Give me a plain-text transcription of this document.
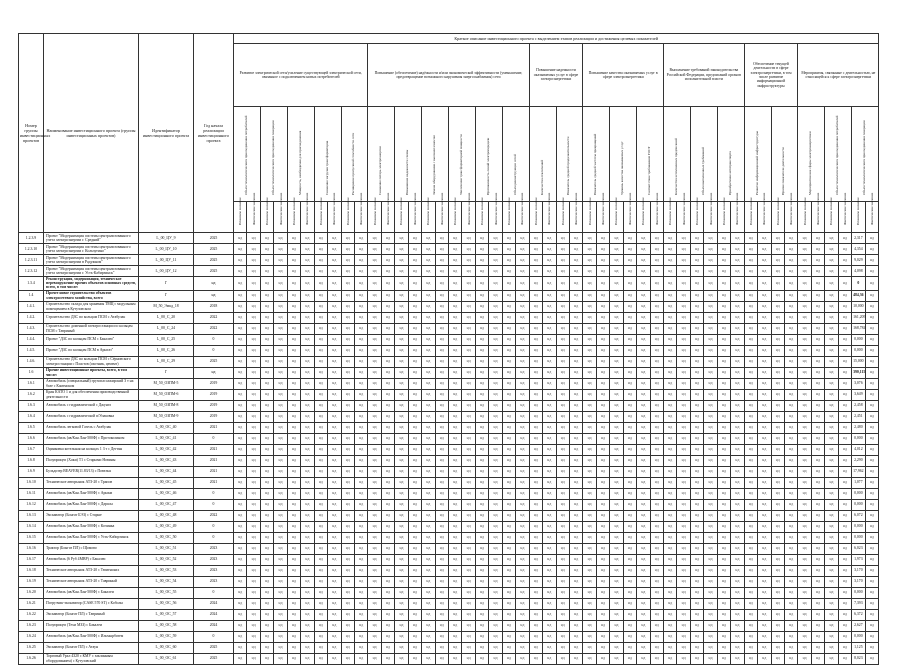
Номер группы инвестиционных проектов	Наименование инвестиционного проекта (группы инвестиционных проектов)	Идентификатор инвестиционного проекта	Год начала реализации инвестиционного проекта	Краткое описание инвестиционного проекта с выделением этапов реализации и достижения целевых показателей																																															
				Развитие электрической сети/усиление существующей электрической сети, связанное с подключением новых потребителей										Повышение (обеспечение) надёжности и/или экономической эффективности (уменьшение, предотвращение возможного нарушения энергоснабжения) сети												Повышение надежности оказываемых услуг в сфере электроэнергетики				Повышение качества оказываемых услуг в сфере электроэнергетики						Выполнение требований законодательства Российской Федерации, предписаний органов исполнительной власти						Обеспечение текущей деятельности в сфере электроэнергетики, в том числе развитие информационной инфраструктуры				Мероприятия, связанные с деятельностью, не относящейся к сфере электроэнергетики					

				Объем технологического присоединения потребителей		Объем технологического присоединения генерации		Мощность, необходимая для присоединения		Снижение загрузки трансформаторов		Расширение пропускной способности сети		Снижение потерь электроэнергии		Повышение надежности схемы		Замена оборудования с высоким износом		Увеличение трансформаторной мощности		Протяженность линий электропередачи		Объем реконструкции сетей		Количество отключений		Показатель средней продолжительности		Показатель средней частоты прекращений		Уровень качества оказываемых услуг		Соответствие требованиям ГОСТ		Количество исполненных предписаний		Объем выполненных требований		Приобретение автотранспорта		Развитие информационной инфраструктуры		Прочие показатели деятельности		Мероприятия вне сферы электроэнергетики		Объем технологического присоединения потребителей		Объем технологического присоединения генерации	

				Плановое значение	Фактическое значение	Плановое значение	Фактическое значение	Плановое значение	Фактическое значение	Плановое значение	Фактическое значение	Плановое значение	Фактическое значение	Плановое значение	Фактическое значение	Плановое значение	Фактическое значение	Плановое значение	Фактическое значение	Плановое значение	Фактическое значение	Плановое значение	Фактическое значение	Плановое значение	Фактическое значение	Плановое значение	Фактическое значение	Плановое значение	Фактическое значение	Плановое значение	Фактическое значение	Плановое значение	Фактическое значение	Плановое значение	Фактическое значение	Плановое значение	Фактическое значение	Плановое значение	Фактическое значение	Плановое значение	Фактическое значение	Плановое значение	Фактическое значение	Плановое значение	Фактическое значение	Плановое значение	Фактическое значение	Плановое значение	Фактическое значение	Плановое значение	Фактическое значение

1.2.3.9	Проект "Модернизация системы централизованного учета электроэнергии г. Средний"	L_00_ЦУ_9	2025	нд	нд	нд	нд	нд	нд	нд	нд	нд	нд	нд	нд	нд	нд	нд	нд	нд	нд	нд	нд	нд	нд	нд	нд	нд	нд	нд	нд	нд	нд	нд	нд	нд	нд	нд	нд	нд	нд	нд	нд	нд	нд	нд	нд	нд	нд	2,317	нд
1.2.3.10	Проект "Модернизация системы централизованного учета электроэнергии г. Кольчугино"	L_00_ЦУ_10	2025	нд	нд	нд	нд	нд	нд	нд	нд	нд	нд	нд	нд	нд	нд	нд	нд	нд	нд	нд	нд	нд	нд	нд	нд	нд	нд	нд	нд	нд	нд	нд	нд	нд	нд	нд	нд	нд	нд	нд	нд	нд	нд	нд	нд	нд	нд	4,354	нд
1.2.3.11	Проект "Модернизация системы централизованного учета электроэнергии в Радужном"	L_00_ЦУ_11	2025	нд	нд	нд	нд	нд	нд	нд	нд	нд	нд	нд	нд	нд	нд	нд	нд	нд	нд	нд	нд	нд	нд	нд	нд	нд	нд	нд	нд	нд	нд	нд	нд	нд	нд	нд	нд	нд	нд	нд	нд	нд	нд	нд	нд	нд	нд	9,029	нд
1.2.3.12	Проект "Модернизация системы централизованного учета электроэнергии г. Усть-Кабирзинск"	L_00_ЦУ_12	2025	нд	нд	нд	нд	нд	нд	нд	нд	нд	нд	нд	нд	нд	нд	нд	нд	нд	нд	нд	нд	нд	нд	нд	нд	нд	нд	нд	нд	нд	нд	нд	нд	нд	нд	нд	нд	нд	нд	нд	нд	нд	нд	нд	нд	нд	нд	4,098	нд
1.3.4	Реконструкция, модернизация, техническое перевооружение прочих объектов основных средств, всего, в том числе:	Г	нд	нд	нд	нд	нд	нд	нд	нд	нд	нд	нд	нд	нд	нд	нд	нд	нд	нд	нд	нд	нд	нд	нд	нд	нд	нд	нд	нд	нд	нд	нд	нд	нд	нд	нд	нд	нд	нд	нд	нд	нд	нд	нд	нд	нд	нд	нд	0	нд
1.4	Прочее новое строительство объектов электросетевого хозяйства, всего	Г	нд	нд	нд	нд	нд	нд	нд	нд	нд	нд	нд	нд	нд	нд	нд	нд	нд	нд	нд	нд	нд	нд	нд	нд	нд	нд	нд	нд	нд	нд	нд	нд	нд	нд	нд	нд	нд	нд	нд	нд	нд	нд	нд	нд	нд	нд	нд	484,36	нд
1.4.1.	Строительство склада для хранения ТМЦ с модульным помещением в Кутузовском	M_50_Эмкд_18	2018	нд	нд	нд	нд	нд	нд	нд	нд	нд	нд	нд	нд	нд	нд	нд	нд	нд	нд	нд	нд	нд	нд	нд	нд	нд	нд	нд	нд	нд	нд	нд	нд	нд	нд	нд	нд	нд	нд	нд	нд	нд	нд	нд	нд	нд	нд	10,000	нд
1.4.2.	Строительство ДЗС по кольцам ПСМ с Атабулак	L_00_С_20	2022	нд	нд	нд	нд	нд	нд	нд	нд	нд	нд	нд	нд	нд	нд	нд	нд	нд	нд	нд	нд	нд	нд	нд	нд	нд	нд	нд	нд	нд	нд	нд	нд	нд	нд	нд	нд	нд	нд	нд	нд	нд	нд	нд	нд	нд	нд	161,209	нд
1.4.3.	Строительство доменной электростанции по кольцам ПСМ с Тавриный	L_00_С_24	2022	нд	нд	нд	нд	нд	нд	нд	нд	нд	нд	нд	нд	нд	нд	нд	нд	нд	нд	нд	нд	нд	нд	нд	нд	нд	нд	нд	нд	нд	нд	нд	нд	нд	нд	нд	нд	нд	нд	нд	нд	нд	нд	нд	нд	нд	нд	168,784	нд
1.4.4.	Проект "ДЗС по кольцам ПСМ с Бакалеи"	L_00_С_25	0	нд	нд	нд	нд	нд	нд	нд	нд	нд	нд	нд	нд	нд	нд	нд	нд	нд	нд	нд	нд	нд	нд	нд	нд	нд	нд	нд	нд	нд	нд	нд	нд	нд	нд	нд	нд	нд	нд	нд	нд	нд	нд	нд	нд	нд	нд	0,000	нд
1.4.5.	Проект "ДЗС по кольцам ПСМ в Арыгаз"	L_00_С_26	0	нд	нд	нд	нд	нд	нд	нд	нд	нд	нд	нд	нд	нд	нд	нд	нд	нд	нд	нд	нд	нд	нд	нд	нд	нд	нд	нд	нд	нд	нд	нд	нд	нд	нд	нд	нд	нд	нд	нд	нд	нд	нд	нд	нд	нд	нд	0,000	нд
1.4.6.	Строительство ДЗС по кольцам ПСМ с Сёрновского электростанции с Пластов (охотник, цемент)	L_00_С_29	2025	нд	нд	нд	нд	нд	нд	нд	нд	нд	нд	нд	нд	нд	нд	нд	нд	нд	нд	нд	нд	нд	нд	нд	нд	нд	нд	нд	нд	нд	нд	нд	нд	нд	нд	нд	нд	нд	нд	нд	нд	нд	нд	нд	нд	нд	нд	15,000	нд
1.6	Прочие инвестиционные проекты, всего, в том числе:	Г	нд	нд	нд	нд	нд	нд	нд	нд	нд	нд	нд	нд	нд	нд	нд	нд	нд	нд	нд	нд	нд	нд	нд	нд	нд	нд	нд	нд	нд	нд	нд	нд	нд	нд	нд	нд	нд	нд	нд	нд	нд	нд	нд	нд	нд	нд	нд	390,115	нд
1.6.1	Автомобиль (специальный) грузопассажирский 3 т на базе с Каменском	M_50_ОЗПМ-5	2019	нд	нд	нд	нд	нд	нд	нд	нд	нд	нд	нд	нд	нд	нд	нд	нд	нд	нд	нд	нд	нд	нд	нд	нд	нд	нд	нд	нд	нд	нд	нд	нд	нд	нд	нд	нд	нд	нд	нд	нд	нд	нд	нд	нд	нд	нд	3,076	нд
1.6.2	Кран КАТО 1 и для обеспечения производственной деятельности	M_50_ОЗПМ-6	2019	нд	нд	нд	нд	нд	нд	нд	нд	нд	нд	нд	нд	нд	нд	нд	нд	нд	нд	нд	нд	нд	нд	нд	нд	нд	нд	нд	нд	нд	нд	нд	нд	нд	нд	нд	нд	нд	нд	нд	нд	нд	нд	нд	нд	нд	нд	3,649	нд
1.6.3	Автомобиль с гидравлической с Джунгл	M_50_ОЗПМ-8	2019	нд	нд	нд	нд	нд	нд	нд	нд	нд	нд	нд	нд	нд	нд	нд	нд	нд	нд	нд	нд	нд	нд	нд	нд	нд	нд	нд	нд	нд	нд	нд	нд	нд	нд	нд	нд	нд	нд	нд	нд	нд	нд	нд	нд	нд	нд	2,458	нд
1.6.4	Автомобиль с гидравлической п/Упаковка	M_50_ОЗПМ-9	2019	нд	нд	нд	нд	нд	нд	нд	нд	нд	нд	нд	нд	нд	нд	нд	нд	нд	нд	нд	нд	нд	нд	нд	нд	нд	нд	нд	нд	нд	нд	нд	нд	нд	нд	нд	нд	нд	нд	нд	нд	нд	нд	нд	нд	нд	нд	2,451	нд
1.6.5	Автомобиль легковой Газель с Атабулак	L_00_ОС_40	2021	нд	нд	нд	нд	нд	нд	нд	нд	нд	нд	нд	нд	нд	нд	нд	нд	нд	нд	нд	нд	нд	нд	нд	нд	нд	нд	нд	нд	нд	нд	нд	нд	нд	нд	нд	нд	нд	нд	нд	нд	нд	нд	нд	нд	нд	нд	2,480	нд
1.6.6	Автомобиль (ав/Кан Лан-500Ф) с Протоколином	L_00_ОС_41	0	нд	нд	нд	нд	нд	нд	нд	нд	нд	нд	нд	нд	нд	нд	нд	нд	нд	нд	нд	нд	нд	нд	нд	нд	нд	нд	нд	нд	нд	нд	нд	нд	нд	нд	нд	нд	нд	нд	нд	нд	нд	нд	нд	нд	нд	нд	0,000	нд
1.6.7	Оцинковка котельная на кольцах 1 3 т с Дегтян	L_00_ОС_42	2021	нд	нд	нд	нд	нд	нд	нд	нд	нд	нд	нд	нд	нд	нд	нд	нд	нд	нд	нд	нд	нд	нд	нд	нд	нд	нд	нд	нд	нд	нд	нд	нд	нд	нд	нд	нд	нд	нд	нд	нд	нд	нд	нд	нд	нд	нд	4,012	нд
1.6.8	Полуприцеп (Хаки) Т1 с Старыми Новины	L_00_ОС_43	2021	нд	нд	нд	нд	нд	нд	нд	нд	нд	нд	нд	нд	нд	нд	нд	нд	нд	нд	нд	нд	нд	нд	нд	нд	нд	нд	нд	нд	нд	нд	нд	нд	нд	нд	нд	нд	нд	нд	нд	нд	нд	нд	нд	нд	нд	нд	2,290	нд
1.6.9	Бульдозер BEAVER(11.83/13) с Повелья	L_00_ОС_44	2021	нд	нд	нд	нд	нд	нд	нд	нд	нд	нд	нд	нд	нд	нд	нд	нд	нд	нд	нд	нд	нд	нд	нд	нд	нд	нд	нд	нд	нд	нд	нд	нд	нд	нд	нд	нд	нд	нд	нд	нд	нд	нд	нд	нд	нд	нд	17,962	нд
1.6.10	Техническое авторынок АТЗ-20 с Трапов	L_00_ОС_45	2021	нд	нд	нд	нд	нд	нд	нд	нд	нд	нд	нд	нд	нд	нд	нд	нд	нд	нд	нд	нд	нд	нд	нд	нд	нд	нд	нд	нд	нд	нд	нд	нд	нд	нд	нд	нд	нд	нд	нд	нд	нд	нд	нд	нд	нд	нд	1,077	нд
1.6.11	Автомобиль (ав/Кан Лан-500Ф) с Арыкм	L_00_ОС_46	0	нд	нд	нд	нд	нд	нд	нд	нд	нд	нд	нд	нд	нд	нд	нд	нд	нд	нд	нд	нд	нд	нд	нд	нд	нд	нд	нд	нд	нд	нд	нд	нд	нд	нд	нд	нд	нд	нд	нд	нд	нд	нд	нд	нд	нд	нд	0,000	нд
1.6.12	Автомобиль (ав/Кан Лан-500Ф) с Дарасы	L_00_ОС_47	0	нд	нд	нд	нд	нд	нд	нд	нд	нд	нд	нд	нд	нд	нд	нд	нд	нд	нд	нд	нд	нд	нд	нд	нд	нд	нд	нд	нд	нд	нд	нд	нд	нд	нд	нд	нд	нд	нд	нд	нд	нд	нд	нд	нд	нд	нд	0,000	нд
1.6.13	Экскаватор (Бонгат БЭЗ) с Старые	L_00_ОС_48	2022	нд	нд	нд	нд	нд	нд	нд	нд	нд	нд	нд	нд	нд	нд	нд	нд	нд	нд	нд	нд	нд	нд	нд	нд	нд	нд	нд	нд	нд	нд	нд	нд	нд	нд	нд	нд	нд	нд	нд	нд	нд	нд	нд	нд	нд	нд	6,072	нд
1.6.14	Автомобиль (ав/Кан Лан-500Ф) с Кочинка	L_00_ОС_49	0	нд	нд	нд	нд	нд	нд	нд	нд	нд	нд	нд	нд	нд	нд	нд	нд	нд	нд	нд	нд	нд	нд	нд	нд	нд	нд	нд	нд	нд	нд	нд	нд	нд	нд	нд	нд	нд	нд	нд	нд	нд	нд	нд	нд	нд	нд	0,000	нд
1.6.15	Автомобиль (ав/Кан Лан-500Ф) с Усть-Кабирзинск	L_00_ОС_50	0	нд	нд	нд	нд	нд	нд	нд	нд	нд	нд	нд	нд	нд	нд	нд	нд	нд	нд	нд	нд	нд	нд	нд	нд	нд	нд	нд	нд	нд	нд	нд	нд	нд	нд	нд	нд	нд	нд	нд	нд	нд	нд	нд	нд	нд	нд	0,000	нд
1.6.16	Трактор (Бонгат ПЛ) с Щомово	L_00_ОС_51	2023	нд	нд	нд	нд	нд	нд	нд	нд	нд	нд	нд	нд	нд	нд	нд	нд	нд	нд	нд	нд	нд	нд	нд	нд	нд	нд	нд	нд	нд	нд	нд	нд	нд	нд	нд	нд	нд	нд	нд	нд	нд	нд	нд	нд	нд	нд	6,023	нд
1.6.17	Автомобиль (6 Руб 4МВР) с Бакалеи	L_00_ОС_52	2023	нд	нд	нд	нд	нд	нд	нд	нд	нд	нд	нд	нд	нд	нд	нд	нд	нд	нд	нд	нд	нд	нд	нд	нд	нд	нд	нд	нд	нд	нд	нд	нд	нд	нд	нд	нд	нд	нд	нд	нд	нд	нд	нд	нд	нд	нд	1,973	нд
1.6.18	Техническое авторынок АТЗ-20 с Тюменских	L_00_ОС_53	2023	нд	нд	нд	нд	нд	нд	нд	нд	нд	нд	нд	нд	нд	нд	нд	нд	нд	нд	нд	нд	нд	нд	нд	нд	нд	нд	нд	нд	нд	нд	нд	нд	нд	нд	нд	нд	нд	нд	нд	нд	нд	нд	нд	нд	нд	нд	3,170	нд
1.6.19	Техническое авторынок АТЗ-20 с Тавриный	L_00_ОС_54	2023	нд	нд	нд	нд	нд	нд	нд	нд	нд	нд	нд	нд	нд	нд	нд	нд	нд	нд	нд	нд	нд	нд	нд	нд	нд	нд	нд	нд	нд	нд	нд	нд	нд	нд	нд	нд	нд	нд	нд	нд	нд	нд	нд	нд	нд	нд	3,170	нд
1.6.20	Автомобиль (ав/Кан Лан-500Ф) с Бакалеи	L_00_ОС_55	0	нд	нд	нд	нд	нд	нд	нд	нд	нд	нд	нд	нд	нд	нд	нд	нд	нд	нд	нд	нд	нд	нд	нд	нд	нд	нд	нд	нд	нд	нд	нд	нд	нд	нд	нд	нд	нд	нд	нд	нд	нд	нд	нд	нд	нд	нд	0,000	нд
1.6.21	Погрузчик-экскаватор (CASE 570 ST) с Коболы	L_00_ОС_56	2024	нд	нд	нд	нд	нд	нд	нд	нд	нд	нд	нд	нд	нд	нд	нд	нд	нд	нд	нд	нд	нд	нд	нд	нд	нд	нд	нд	нд	нд	нд	нд	нд	нд	нд	нд	нд	нд	нд	нд	нд	нд	нд	нд	нд	нд	нд	7,393	нд
1.6.22	Экскаватор (Бонгат ПЛ) с Тавриный	L_00_ОС_57	2024	нд	нд	нд	нд	нд	нд	нд	нд	нд	нд	нд	нд	нд	нд	нд	нд	нд	нд	нд	нд	нд	нд	нд	нд	нд	нд	нд	нд	нд	нд	нд	нд	нд	нд	нд	нд	нд	нд	нд	нд	нд	нд	нд	нд	нд	нд	6,372	нд
1.6.23	Полуприцеп (Техи МЗЗ) с Бакалеи	L_00_ОС_58	2024	нд	нд	нд	нд	нд	нд	нд	нд	нд	нд	нд	нд	нд	нд	нд	нд	нд	нд	нд	нд	нд	нд	нд	нд	нд	нд	нд	нд	нд	нд	нд	нд	нд	нд	нд	нд	нд	нд	нд	нд	нд	нд	нд	нд	нд	нд	2,627	нд
1.6.24	Автомобиль (ав/Кан Лан-500Ф) с Ильмырбатем	L_00_ОС_59	0	нд	нд	нд	нд	нд	нд	нд	нд	нд	нд	нд	нд	нд	нд	нд	нд	нд	нд	нд	нд	нд	нд	нд	нд	нд	нд	нд	нд	нд	нд	нд	нд	нд	нд	нд	нд	нд	нд	нд	нд	нд	нд	нд	нд	нд	нд	0,000	нд
1.6.25	Экскаватор (Бонгат ПЛ) с Атаун	L_00_ОС_60	2025	нд	нд	нд	нд	нд	нд	нд	нд	нд	нд	нд	нд	нд	нд	нд	нд	нд	нд	нд	нд	нд	нд	нд	нд	нд	нд	нд	нд	нд	нд	нд	нд	нд	нд	нд	нд	нд	нд	нд	нд	нд	нд	нд	нд	нд	нд	1,125	нд
1.6.26	Торговый Урал 4320 с КМУ с заклинным оборудованием) с Кутузовский	L_00_ОС_61	2025	нд	нд	нд	нд	нд	нд	нд	нд	нд	нд	нд	нд	нд	нд	нд	нд	нд	нд	нд	нд	нд	нд	нд	нд	нд	нд	нд	нд	нд	нд	нд	нд	нд	нд	нд	нд	нд	нд	нд	нд	нд	нд	нд	нд	нд	нд	8,023	нд
